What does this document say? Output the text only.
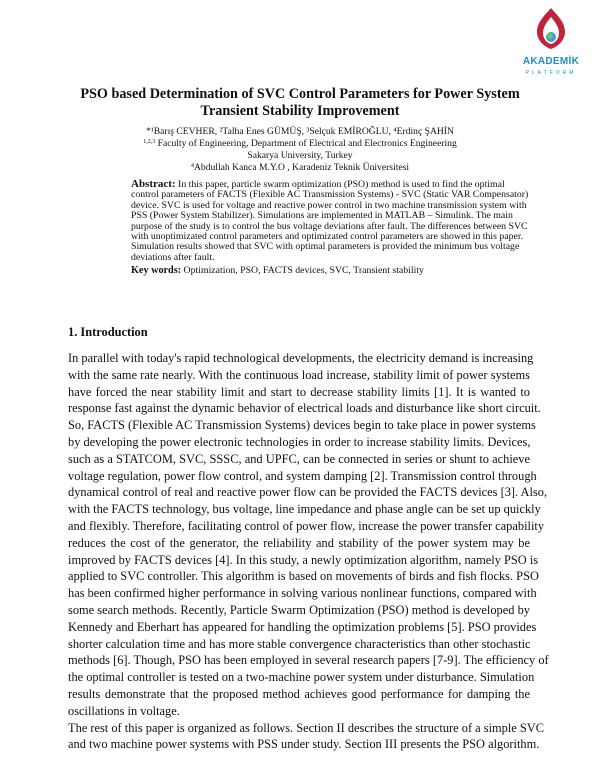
AKADEMİK
PLATFORM
PSO based Determination of SVC Control Parameters for Power System
Transient Stability Improvement
*¹Barış CEVHER, ²Talha Enes GÜMÜŞ, ³Selçuk EMİROĞLU, ⁴Erdinç ŞAHİN
$^{1,2,3}$ Faculty of Engineering, Department of Electrical and Electronics Engineering
Sakarya University, Turkey
$^4$Abdullah Kanca M.Y.O , Karadeniz Teknik Üniversitesi
Abstract: In this paper, particle swarm optimization (PSO) method is used to find the optimal
control parameters of FACTS (Flexible AC Transmission Systems) - SVC (Static VAR Compensator)
device. SVC is used for voltage and reactive power control in two machine transmission system with
PSS (Power System Stabilizer). Simulations are implemented in MATLAB – Simulink. The main
purpose of the study is to control the bus voltage deviations after fault. The differences between SVC
with unoptimizated control parameters and optimizated control parameters are showed in this paper.
Simulation results showed that SVC with optimal parameters is provided the minimum bus voltage
deviations after fault.
Key words: Optimization, PSO, FACTS devices, SVC, Transient stability
1. Introduction
In parallel with today's rapid technological developments, the electricity demand is increasing
with the same rate nearly. With the continuous load increase, stability limit of power systems
have forced the near stability limit and start to decrease stability limits [1]. It is wanted to
response fast against the dynamic behavior of electrical loads and disturbance like short circuit.
So, FACTS (Flexible AC Transmission Systems) devices begin to take place in power systems
by developing the power electronic technologies in order to increase stability limits. Devices,
such as a STATCOM, SVC, SSSC, and UPFC, can be connected in series or shunt to achieve
voltage regulation, power flow control, and system damping [2]. Transmission control through
dynamical control of real and reactive power flow can be provided the FACTS devices [3]. Also,
with the FACTS technology, bus voltage, line impedance and phase angle can be set up quickly
and flexibly. Therefore, facilitating control of power flow, increase the power transfer capability
reduces the cost of the generator, the reliability and stability of the power system may be
improved by FACTS devices [4]. In this study, a newly optimization algorithm, namely PSO is
applied to SVC controller. This algorithm is based on movements of birds and fish flocks. PSO
has been confirmed higher performance in solving various nonlinear functions, compared with
some search methods. Recently, Particle Swarm Optimization (PSO) method is developed by
Kennedy and Eberhart has appeared for handling the optimization problems [5]. PSO provides
shorter calculation time and has more stable convergence characteristics than other stochastic
methods [6]. Though, PSO has been employed in several research papers [7-9]. The efficiency of
the optimal controller is tested on a two-machine power system under disturbance. Simulation
results demonstrate that the proposed method achieves good performance for damping the
oscillations in voltage.
The rest of this paper is organized as follows. Section II describes the structure of a simple SVC
and two machine power systems with PSS under study. Section III presents the PSO algorithm.
